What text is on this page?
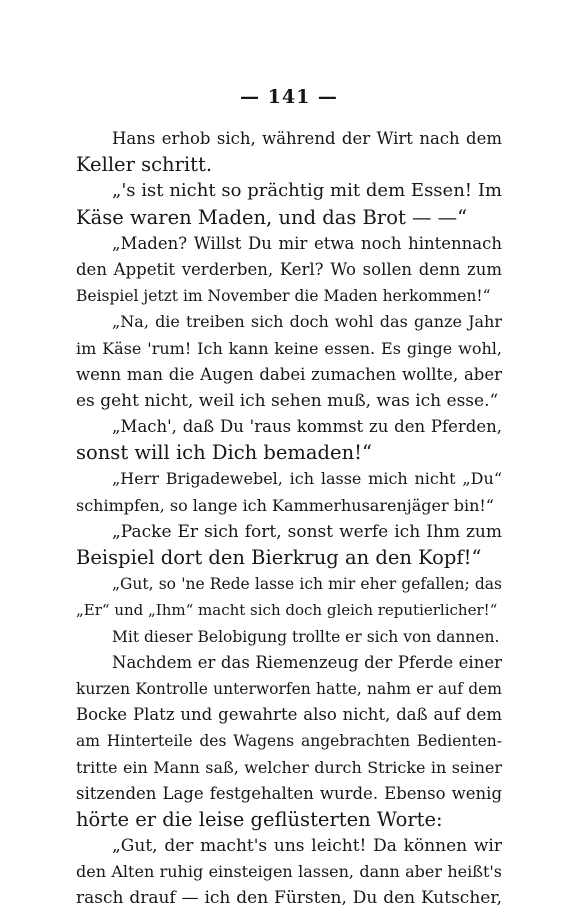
— 141 —
Hans erhob sich, während der Wirt nach dem
Keller schritt.
„'s ist nicht so prächtig mit dem Essen! Im
Käse waren Maden, und das Brot — —“
„Maden? Willst Du mir etwa noch hintennach
den Appetit verderben, Kerl? Wo sollen denn zum
Beispiel jetzt im November die Maden herkommen!“
„Na, die treiben sich doch wohl das ganze Jahr
im Käse 'rum! Ich kann keine essen. Es ginge wohl,
wenn man die Augen dabei zumachen wollte, aber
es geht nicht, weil ich sehen muß, was ich esse.“
„Mach', daß Du 'raus kommst zu den Pferden,
sonst will ich Dich bemaden!“
„Herr Brigadewebel, ich lasse mich nicht „Du“
schimpfen, so lange ich Kammerhusarenjäger bin!“
„Packe Er sich fort, sonst werfe ich Ihm zum
Beispiel dort den Bierkrug an den Kopf!“
„Gut, so 'ne Rede lasse ich mir eher gefallen; das
„Er“ und „Ihm“ macht sich doch gleich reputierlicher!“
Mit dieser Belobigung trollte er sich von dannen.
Nachdem er das Riemenzeug der Pferde einer
kurzen Kontrolle unterworfen hatte, nahm er auf dem
Bocke Platz und gewahrte also nicht, daß auf dem
am Hinterteile des Wagens angebrachten Bedienten-
tritte ein Mann saß, welcher durch Stricke in seiner
sitzenden Lage festgehalten wurde. Ebenso wenig
hörte er die leise geflüsterten Worte:
„Gut, der macht's uns leicht! Da können wir
den Alten ruhig einsteigen lassen, dann aber heißt's
rasch drauf — ich den Fürsten, Du den Kutscher,
